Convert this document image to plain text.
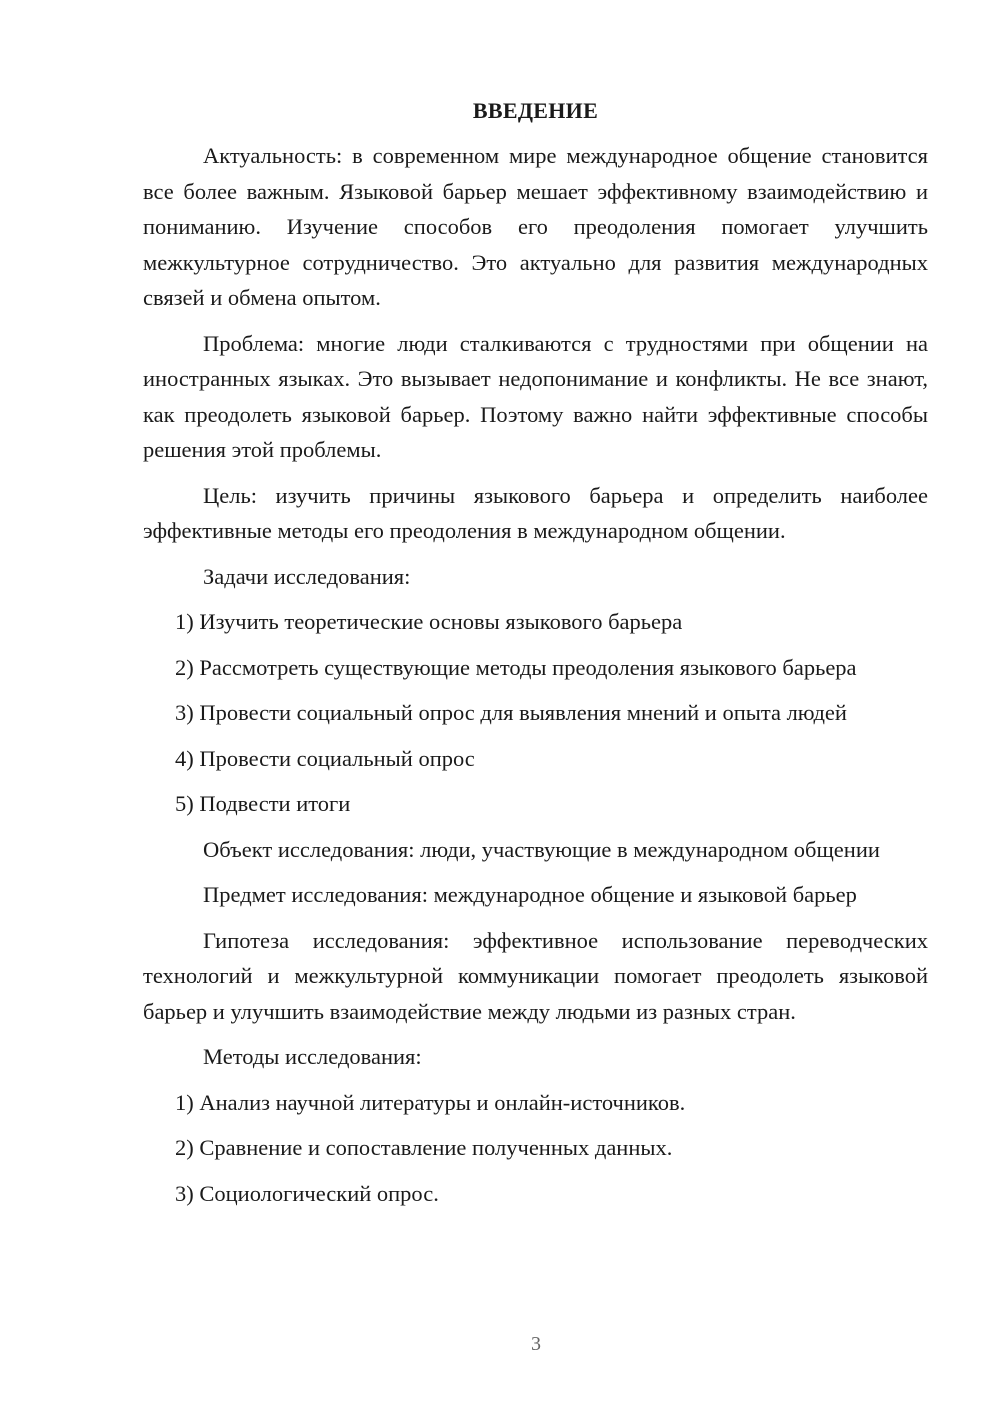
ВВЕДЕНИЕ

Актуальность: в современном мире международное общение становится все более важным. Языковой барьер мешает эффективному взаимодействию и пониманию. Изучение способов его преодоления помогает улучшить межкультурное сотрудничество. Это актуально для развития международных связей и обмена опытом.

Проблема: многие люди сталкиваются с трудностями при общении на иностранных языках. Это вызывает недопонимание и конфликты. Не все знают, как преодолеть языковой барьер. Поэтому важно найти эффективные способы решения этой проблемы.

Цель: изучить причины языкового барьера и определить наиболее эффективные методы его преодоления в международном общении.

Задачи исследования:

1) Изучить теоретические основы языкового барьера

2) Рассмотреть существующие методы преодоления языкового барьера

3) Провести социальный опрос для выявления мнений и опыта людей

4) Провести социальный опрос

5) Подвести итоги

Объект исследования: люди, участвующие в международном общении

Предмет исследования: международное общение и языковой барьер

Гипотеза исследования: эффективное использование переводческих технологий и межкультурной коммуникации помогает преодолеть языковой барьер и улучшить взаимодействие между людьми из разных стран.

Методы исследования:

1) Анализ научной литературы и онлайн-источников.

2) Сравнение и сопоставление полученных данных.

3) Социологический опрос.

3
